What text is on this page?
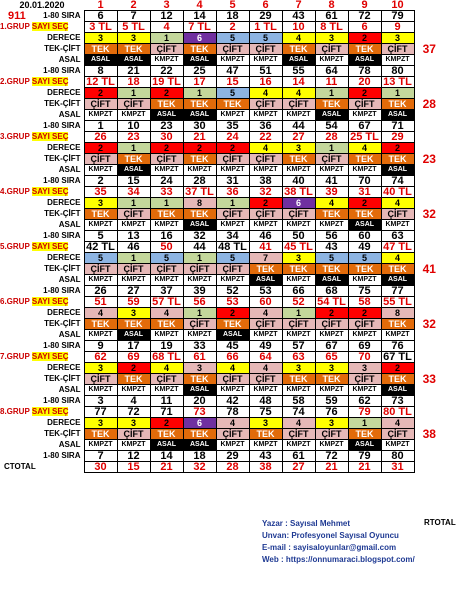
20.01.2020	1	2	3	4	5	6	7	8	9	10	

911 1-80 SIRA	6	7	12	14	18	29	43	61	72	79	
1.GRUP SAYI SEÇ	3 TL	5 TL	4	7 TL	2	1 TL	10	8 TL	6	9	
DERECE	3	3	1	6	5	5	4	3	2	3	37
TEK-ÇİFT	TEK	TEK	ÇİFT	TEK	ÇİFT	ÇİFT	TEK	ÇİFT	TEK	ÇİFT	
ASAL	ASAL	ASAL	KMPZT	ASAL	KMPZT	KMPZT	ASAL	KMPZT	ASAL	KMPZT	
1-80 SIRA	8	21	22	25	47	51	55	64	78	80	
2.GRUP SAYI SEÇ	12 TL	18	19 TL	17	15	16	14	11	20	13 TL	
DERECE	2	1	2	1	5	4	4	1	2	1	28
TEK-ÇİFT	ÇİFT	ÇİFT	TEK	TEK	TEK	ÇİFT	ÇİFT	TEK	ÇİFT	TEK	
ASAL	KMPZT	KMPZT	ASAL	ASAL	KMPZT	KMPZT	KMPZT	ASAL	KMPZT	ASAL	
1-80 SIRA	1	10	23	30	35	36	44	54	67	71	
3.GRUP SAYI SEÇ	26	23	30	21	24	22	27	28	25 TL	29	
DERECE	2	1	2	2	2	4	3	1	4	2	23
TEK-ÇİFT	ÇİFT	TEK	ÇİFT	TEK	ÇİFT	ÇİFT	TEK	ÇİFT	TEK	TEK	
ASAL	KMPZT	ASAL	KMPZT	KMPZT	KMPZT	KMPZT	KMPZT	KMPZT	KMPZT	ASAL	
1-80 SIRA	2	15	24	28	31	38	40	41	70	74	
4.GRUP SAYI SEÇ	35	34	33	37 TL	36	32	38 TL	39	31	40 TL	
DERECE	3	1	1	8	1	2	6	4	2	4	32
TEK-ÇİFT	TEK	ÇİFT	TEK	TEK	ÇİFT	ÇİFT	ÇİFT	TEK	TEK	ÇİFT	
ASAL	KMPZT	KMPZT	KMPZT	ASAL	KMPZT	KMPZT	KMPZT	KMPZT	ASAL	KMPZT	
1-80 SIRA	5	13	16	32	34	46	50	56	60	63	
5.GRUP SAYI SEÇ	42 TL	46	50	44	48 TL	41	45 TL	43	49	47 TL	
DERECE	5	1	5	1	5	7	3	5	5	4	41
TEK-ÇİFT	ÇİFT	ÇİFT	ÇİFT	ÇİFT	ÇİFT	TEK	TEK	TEK	TEK	TEK	
ASAL	KMPZT	KMPZT	KMPZT	KMPZT	KMPZT	ASAL	KMPZT	ASAL	KMPZT	ASAL	
1-80 SIRA	26	27	37	39	52	53	66	68	75	77	
6.GRUP SAYI SEÇ	51	59	57 TL	56	53	60	52	54 TL	58	55 TL	
DERECE	4	3	4	1	2	4	1	2	2	8	32
TEK-ÇİFT	TEK	TEK	TEK	ÇİFT	TEK	ÇİFT	ÇİFT	ÇİFT	ÇİFT	TEK	
ASAL	KMPZT	ASAL	KMPZT	KMPZT	ASAL	KMPZT	KMPZT	KMPZT	KMPZT	KMPZT	
1-80 SIRA	9	17	19	33	45	49	57	67	69	76	
7.GRUP SAYI SEÇ	62	69	68 TL	61	66	64	63	65	70	67 TL	
DERECE	3	2	4	3	4	4	3	3	3	2	33
TEK-ÇİFT	ÇİFT	TEK	ÇİFT	TEK	ÇİFT	ÇİFT	TEK	TEK	ÇİFT	TEK	
ASAL	KMPZT	KMPZT	KMPZT	ASAL	KMPZT	KMPZT	KMPZT	KMPZT	KMPZT	ASAL	
1-80 SIRA	3	4	11	20	42	48	58	59	62	73	
8.GRUP SAYI SEÇ	77	72	71	73	78	75	74	76	79	80 TL	
DERECE	3	3	2	6	4	3	4	3	1	4	38
TEK-ÇİFT	TEK	ÇİFT	TEK	TEK	ÇİFT	TEK	ÇİFT	ÇİFT	TEK	ÇİFT	
ASAL	KMPZT	KMPZT	ASAL	ASAL	KMPZT	KMPZT	KMPZT	KMPZT	ASAL	KMPZT	
1-80 SIRA	7	12	14	18	29	43	61	72	79	80	
CTOTAL	30	15	21	32	28	38	27	21	21	31	
RTOTAL
Yazar : Sayısal Mehmet
Unvan: Profesyonel Sayısal Oyuncu
E-mail : sayisaloyunlar@gmail.com
Web : https://onnumaraci.blogspot.com/
